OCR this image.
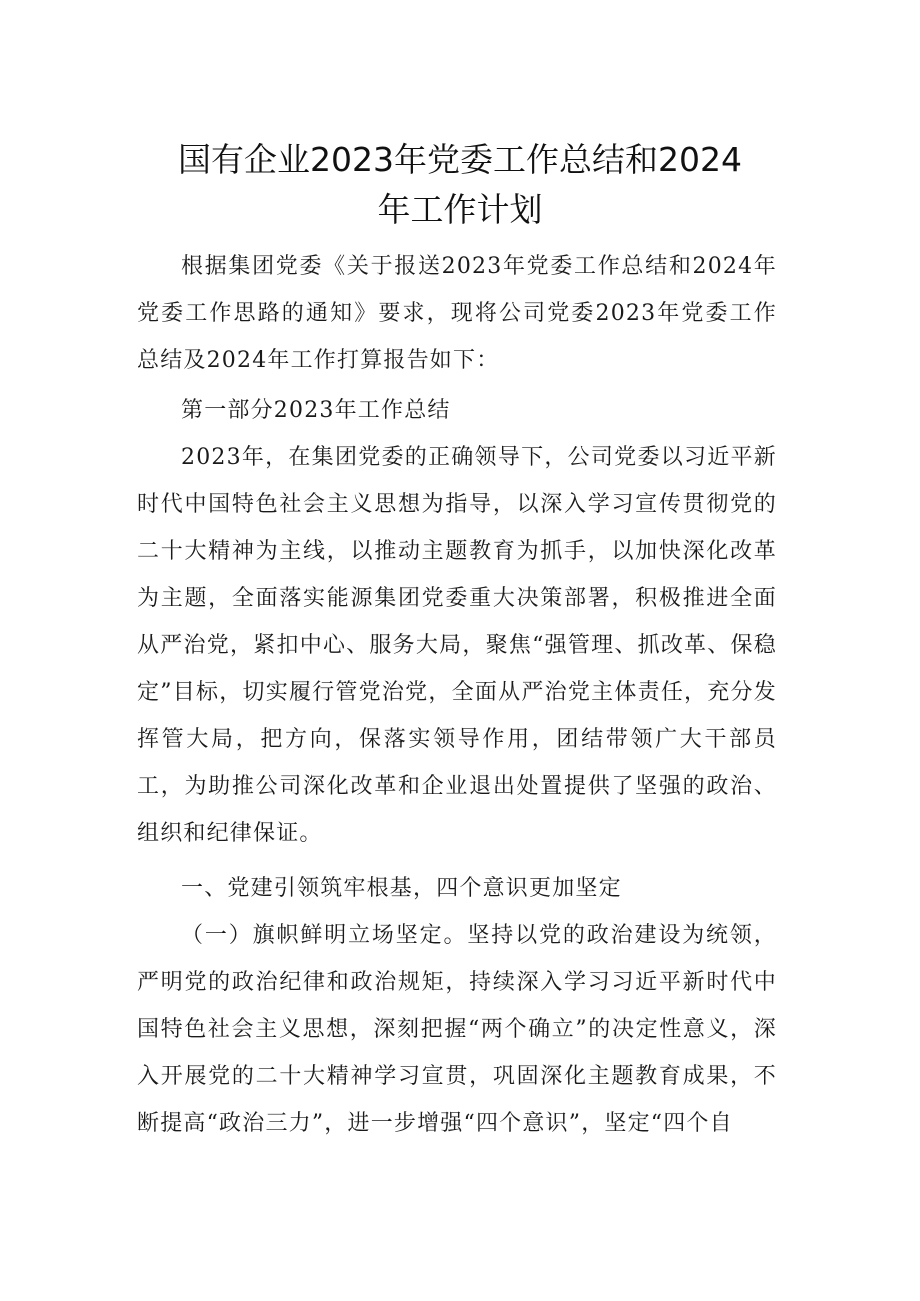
国有企业2023年党委工作总结和2024
年工作计划

根据集团党委《关于报送2023年党委工作总结和2024年党委工作思路的通知》要求，现将公司党委2023年党委工作总结及2024年工作打算报告如下：

第一部分2023年工作总结

2023年，在集团党委的正确领导下，公司党委以习近平新时代中国特色社会主义思想为指导，以深入学习宣传贯彻党的二十大精神为主线，以推动主题教育为抓手，以加快深化改革为主题，全面落实能源集团党委重大决策部署，积极推进全面从严治党，紧扣中心、服务大局，聚焦“强管理、抓改革、保稳定”目标，切实履行管党治党，全面从严治党主体责任，充分发挥管大局，把方向，保落实领导作用，团结带领广大干部员工，为助推公司深化改革和企业退出处置提供了坚强的政治、组织和纪律保证。

一、党建引领筑牢根基，四个意识更加坚定

（一）旗帜鲜明立场坚定。坚持以党的政治建设为统领，严明党的政治纪律和政治规矩，持续深入学习习近平新时代中国特色社会主义思想，深刻把握“两个确立”的决定性意义，深入开展党的二十大精神学习宣贯，巩固深化主题教育成果，不断提高“政治三力”，进一步增强“四个意识”，坚定“四个自
